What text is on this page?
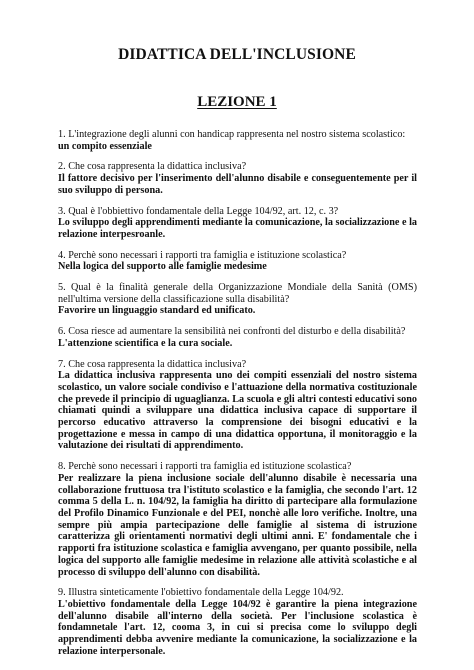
DIDATTICA DELL'INCLUSIONE
LEZIONE 1

1. L'integrazione degli alunni con handicap rappresenta nel nostro sistema scolastico:

un compito essenziale

2. Che cosa rappresenta la didattica inclusiva?

Il fattore decisivo per l'inserimento dell'alunno disabile e conseguentemente per il suo sviluppo di persona.

3. Qual è l'obbiettivo fondamentale della Legge 104/92, art. 12, c. 3?

Lo sviluppo degli apprendimenti mediante la comunicazione, la socializzazione e la relazione interpesroanle.

4. Perchè sono necessari i rapporti tra famiglia e istituzione scolastica?

Nella logica del supporto alle famiglie medesime

5. Qual è la finalità generale della Organizzazione Mondiale della Sanità (OMS) nell'ultima versione della classificazione sulla disabilità?

Favorire un linguaggio standard ed unificato.

6. Cosa riesce ad aumentare la sensibilità nei confronti del disturbo e della disabilità?

L'attenzione scientifica e la cura sociale.

7. Che cosa rappresenta la didattica inclusiva?

La didattica inclusiva rappresenta uno dei compiti essenziali del nostro sistema scolastico, un valore sociale condiviso e l'attuazione della normativa costituzionale che prevede il principio di uguaglianza. La scuola e gli altri contesti educativi sono chiamati quindi a sviluppare una didattica inclusiva capace di supportare il percorso educativo attraverso la comprensione dei bisogni educativi e la progettazione e messa in campo di una didattica opportuna, il monitoraggio e la valutazione dei risultati di apprendimento.

8. Perchè sono necessari i rapporti tra famiglia ed istituzione scolastica?

Per realizzare la piena inclusione sociale dell'alunno disabile è necessaria una collaborazione fruttuosa tra l'istituto scolastico e la famiglia, che secondo l'art. 12 comma 5 della L. n. 104/92, la famiglia ha diritto di partecipare alla formulazione del Profilo Dinamico Funzionale e del PEI, nonchè alle loro verifiche. Inoltre, una sempre più ampia partecipazione delle famiglie al sistema di istruzione caratterizza gli orientamenti normativi degli ultimi anni. E' fondamentale che i rapporti fra istituzione scolastica e famiglia avvengano, per quanto possibile, nella logica del supporto alle famiglie medesime in relazione alle attività scolastiche e al processo di sviluppo dell'alunno con disabilità.

9. Illustra sinteticamente l'obiettivo fondamentale della Legge 104/92.

L'obiettivo fondamentale della Legge 104/92 è garantire la piena integrazione dell'alunno disabile all'interno della società. Per l'inclusione scolastica è fondamnetale l'art. 12, cooma 3, in cui si precisa come lo sviluppo degli apprendimenti debba avvenire mediante la comunicazione, la socializzazione e la relazione interpersonale.
